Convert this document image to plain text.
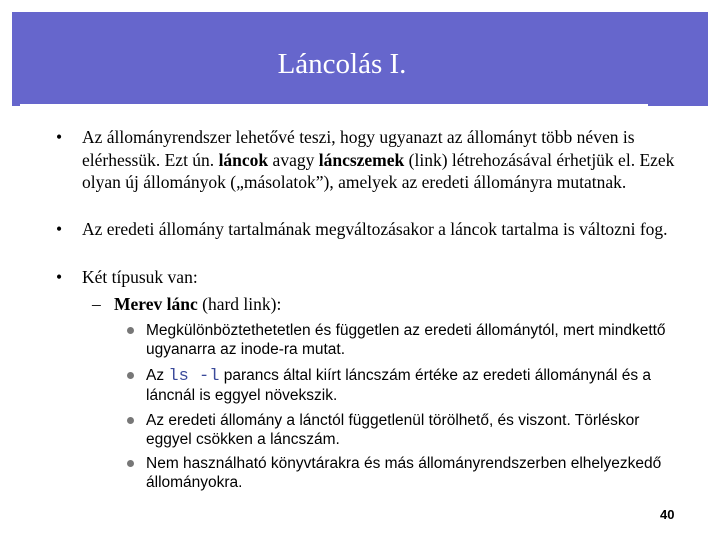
Láncolás I.
• Az állományrendszer lehetővé teszi, hogy ugyanazt az állományt több néven is elérhessük. Ezt ún. láncok avagy láncszemek (link) létrehozásával érhetjük el. Ezek olyan új állományok („másolatok”), amelyek az eredeti állományra mutatnak.
• Az eredeti állomány tartalmának megváltozásakor a láncok tartalma is változni fog.
• Két típusuk van:
– Merev lánc (hard link):
Megkülönböztethetetlen és független az eredeti állománytól, mert mindkettő ugyanarra az inode-ra mutat.
Az ls -l parancs által kiírt láncszám értéke az eredeti állománynál és a láncnál is eggyel növekszik.
Az eredeti állomány a lánctól függetlenül törölhető, és viszont. Törléskor eggyel csökken a láncszám.
Nem használható könyvtárakra és más állományrendszerben elhelyezkedő állományokra.
40
